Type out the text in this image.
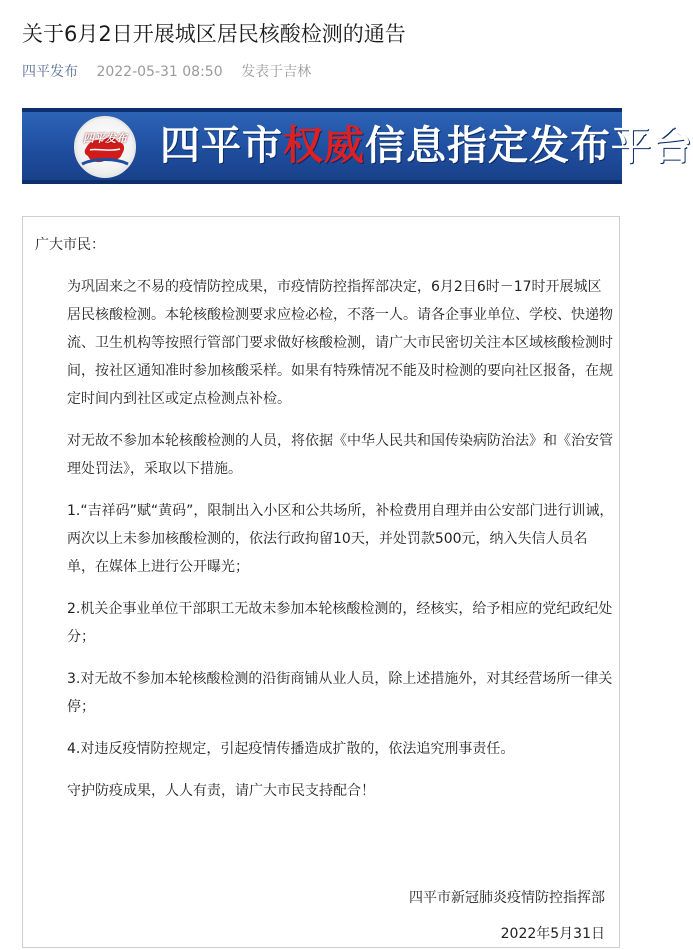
关于6月2日开展城区居民核酸检测的通告
四平发布 2022-05-31 08:50 发表于吉林
四平发布 四平市权威信息指定发布平台

广大市民：

为巩固来之不易的疫情防控成果，市疫情防控指挥部决定，6月2日6时－17时开展城区居民核酸检测。本轮核酸检测要求应检必检，不落一人。请各企事业单位、学校、快递物流、卫生机构等按照行管部门要求做好核酸检测，请广大市民密切关注本区域核酸检测时间，按社区通知准时参加核酸采样。如果有特殊情况不能及时检测的要向社区报备，在规定时间内到社区或定点检测点补检。

对无故不参加本轮核酸检测的人员，将依据《中华人民共和国传染病防治法》和《治安管理处罚法》，采取以下措施。

1.“吉祥码”赋“黄码”，限制出入小区和公共场所，补检费用自理并由公安部门进行训诫，两次以上未参加核酸检测的，依法行政拘留10天，并处罚款500元，纳入失信人员名单，在媒体上进行公开曝光；

2.机关企事业单位干部职工无故未参加本轮核酸检测的，经核实，给予相应的党纪政纪处分；

3.对无故不参加本轮核酸检测的沿街商铺从业人员，除上述措施外，对其经营场所一律关停；

4.对违反疫情防控规定，引起疫情传播造成扩散的，依法追究刑事责任。

守护防疫成果，人人有责，请广大市民支持配合！

四平市新冠肺炎疫情防控指挥部
2022年5月31日
